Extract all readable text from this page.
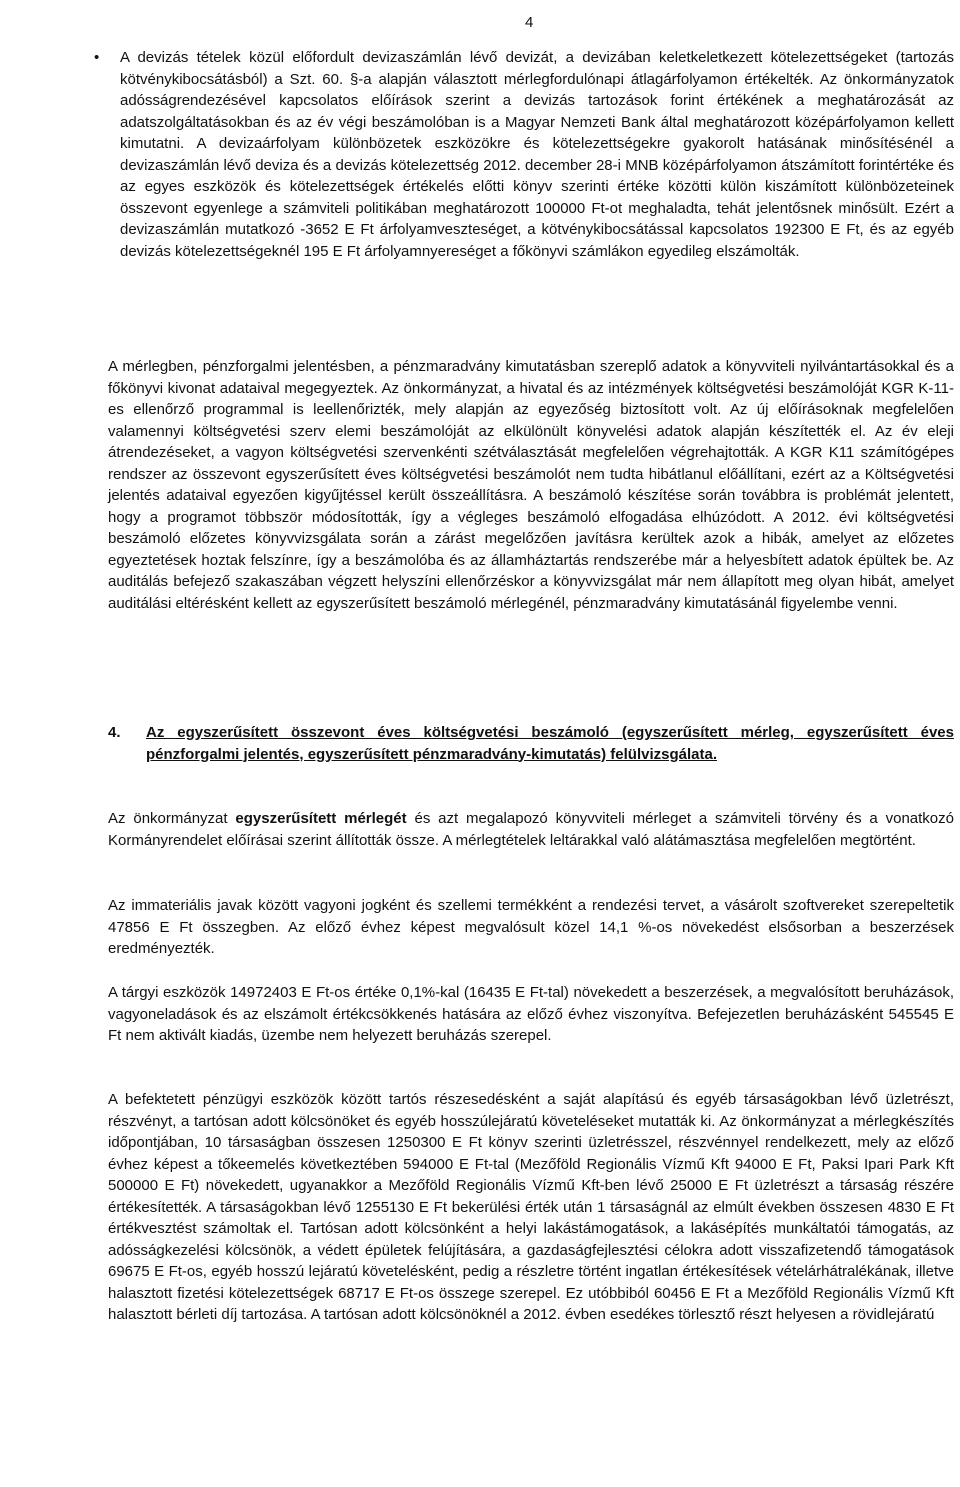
4
• A devizás tételek közül előfordult devizaszámlán lévő devizát, a devizában keletkeletkezett kötelezettségeket (tartozás kötvénykibocsátásból) a Szt. 60. §-a alapján választott mérlegfordulónapi átlagárfolyamon értékelték. Az önkormányzatok adósságrendezésével kapcsolatos előírások szerint a devizás tartozások forint értékének a meghatározását az adatszolgáltatásokban és az év végi beszámolóban is a Magyar Nemzeti Bank által meghatározott középárfolyamon kellett kimutatni. A devizaárfolyam különbözetek eszközökre és kötelezettségekre gyakorolt hatásának minősítésénél a devizaszámlán lévő deviza és a devizás kötelezettség 2012. december 28-i MNB középárfolyamon átszámított forintértéke és az egyes eszközök és kötelezettségek értékelés előtti könyv szerinti értéke közötti külön kiszámított különbözeteinek összevont egyenlege a számviteli politikában meghatározott 100000 Ft-ot meghaladta, tehát jelentősnek minősült. Ezért a devizaszámlán mutatkozó -3652 E Ft árfolyamveszteséget, a kötvénykibocsátással kapcsolatos 192300 E Ft, és az egyéb devizás kötelezettségeknél 195 E Ft árfolyamnyereséget a főkönyvi számlákon egyedileg elszámolták.

A mérlegben, pénzforgalmi jelentésben, a pénzmaradvány kimutatásban szereplő adatok a könyvviteli nyilvántartásokkal és a főkönyvi kivonat adataival megegyeztek. Az önkormányzat, a hivatal és az intézmények költségvetési beszámolóját KGR K-11-es ellenőrző programmal is leellenőrizték, mely alapján az egyezőség biztosított volt. Az új előírásoknak megfelelően valamennyi költségvetési szerv elemi beszámolóját az elkülönült könyvelési adatok alapján készítették el. Az év eleji átrendezéseket, a vagyon költségvetési szervenkénti szétválasztását megfelelően végrehajtották. A KGR K11 számítógépes rendszer az összevont egyszerűsített éves költségvetési beszámolót nem tudta hibátlanul előállítani, ezért az a Költségvetési jelentés adataival egyezően kigyűjtéssel került összeállításra. A beszámoló készítése során továbbra is problémát jelentett, hogy a programot többször módosították, így a végleges beszámoló elfogadása elhúzódott. A 2012. évi költségvetési beszámoló előzetes könyvvizsgálata során a zárást megelőzően javításra kerültek azok a hibák, amelyet az előzetes egyeztetések hoztak felszínre, így a beszámolóba és az államháztartás rendszerébe már a helyesbített adatok épültek be. Az auditálás befejező szakaszában végzett helyszíni ellenőrzéskor a könyvvizsgálat már nem állapított meg olyan hibát, amelyet auditálási eltérésként kellett az egyszerűsített beszámoló mérlegénél, pénzmaradvány kimutatásánál figyelembe venni.

4. Az egyszerűsített összevont éves költségvetési beszámoló (egyszerűsített mérleg, egyszerűsített éves pénzforgalmi jelentés, egyszerűsített pénzmaradvány-kimutatás) felülvizsgálata.

Az önkormányzat egyszerűsített mérlegét és azt megalapozó könyvviteli mérleget a számviteli törvény és a vonatkozó Kormányrendelet előírásai szerint állították össze. A mérlegtételek leltárakkal való alátámasztása megfelelően megtörtént.

Az immateriális javak között vagyoni jogként és szellemi termékként a rendezési tervet, a vásárolt szoftvereket szerepeltetik 47856 E Ft összegben. Az előző évhez képest megvalósult közel 14,1 %-os növekedést elsősorban a beszerzések eredményezték.

A tárgyi eszközök 14972403 E Ft-os értéke 0,1%-kal (16435 E Ft-tal) növekedett a beszerzések, a megvalósított beruházások, vagyoneladások és az elszámolt értékcsökkenés hatására az előző évhez viszonyítva. Befejezetlen beruházásként 545545 E Ft nem aktivált kiadás, üzembe nem helyezett beruházás szerepel.

A befektetett pénzügyi eszközök között tartós részesedésként a saját alapítású és egyéb társaságokban lévő üzletrészt, részvényt, a tartósan adott kölcsönöket és egyéb hosszúlejáratú követeléseket mutatták ki. Az önkormányzat a mérlegkészítés időpontjában, 10 társaságban összesen 1250300 E Ft könyv szerinti üzletrésszel, részvénnyel rendelkezett, mely az előző évhez képest a tőkeemelés következtében 594000 E Ft-tal (Mezőföld Regionális Vízmű Kft 94000 E Ft, Paksi Ipari Park Kft 500000 E Ft) növekedett, ugyanakkor a Mezőföld Regionális Vízmű Kft-ben lévő 25000 E Ft üzletrészt a társaság részére értékesítették. A társaságokban lévő 1255130 E Ft bekerülési érték után 1 társaságnál az elmúlt években összesen 4830 E Ft értékvesztést számoltak el. Tartósan adott kölcsönként a helyi lakástámogatások, a lakásépítés munkáltatói támogatás, az adósságkezelési kölcsönök, a védett épületek felújítására, a gazdaságfejlesztési célokra adott visszafizetendő támogatások 69675 E Ft-os, egyéb hosszú lejáratú követelésként, pedig a részletre történt ingatlan értékesítések vételárhátralékának, illetve halasztott fizetési kötelezettségek 68717 E Ft-os összege szerepel. Ez utóbbiból 60456 E Ft a Mezőföld Regionális Vízmű Kft halasztott bérleti díj tartozása. A tartósan adott kölcsönöknél a 2012. évben esedékes törlesztő részt helyesen a rövidlejáratú
